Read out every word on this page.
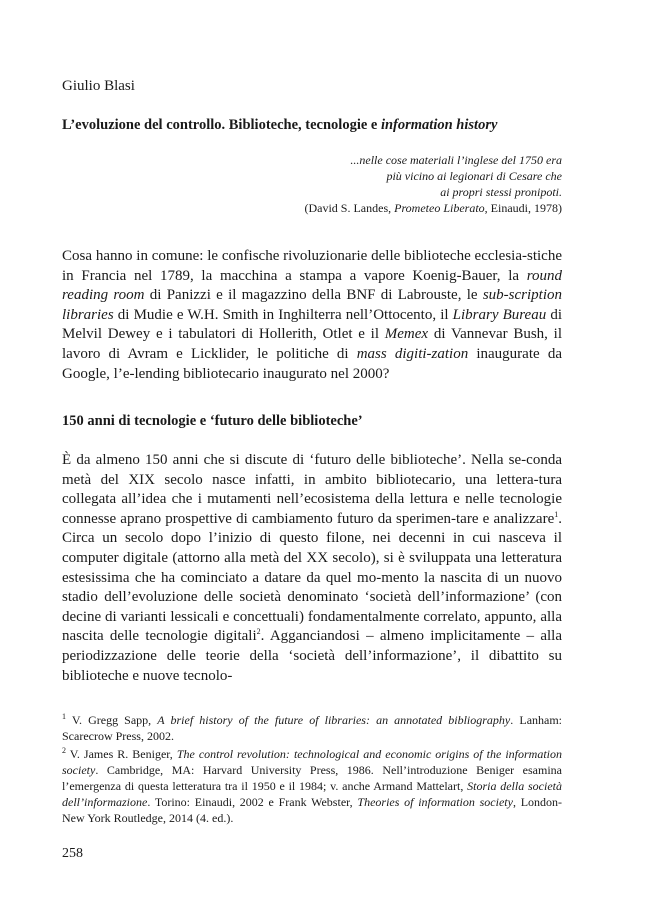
Giulio Blasi
L’evoluzione del controllo. Biblioteche, tecnologie e information history
...nelle cose materiali l’inglese del 1750 era
più vicino ai legionari di Cesare che
ai propri stessi pronipoti.
(David S. Landes, Prometeo Liberato, Einaudi, 1978)

Cosa hanno in comune: le confische rivoluzionarie delle biblioteche ecclesia-stiche in Francia nel 1789, la macchina a stampa a vapore Koenig-Bauer, la round reading room di Panizzi e il magazzino della BNF di Labrouste, le sub-scription libraries di Mudie e W.H. Smith in Inghilterra nell’Ottocento, il Library Bureau di Melvil Dewey e i tabulatori di Hollerith, Otlet e il Memex di Vannevar Bush, il lavoro di Avram e Licklider, le politiche di mass digiti-zation inaugurate da Google, l’e-lending bibliotecario inaugurato nel 2000?

150 anni di tecnologie e ‘futuro delle biblioteche’

È da almeno 150 anni che si discute di ‘futuro delle biblioteche’. Nella se-conda metà del XIX secolo nasce infatti, in ambito bibliotecario, una lettera-tura collegata all’idea che i mutamenti nell’ecosistema della lettura e nelle tecnologie connesse aprano prospettive di cambiamento futuro da sperimen-tare e analizzare$^1$. Circa un secolo dopo l’inizio di questo filone, nei decenni in cui nasceva il computer digitale (attorno alla metà del XX secolo), si è sviluppata una letteratura estesissima che ha cominciato a datare da quel mo-mento la nascita di un nuovo stadio dell’evoluzione delle società denominato ‘società dell’informazione’ (con decine di varianti lessicali e concettuali) fondamentalmente correlato, appunto, alla nascita delle tecnologie digitali$^2$. Agganciandosi – almeno implicitamente – alla periodizzazione delle teorie della ‘società dell’informazione’, il dibattito su biblioteche e nuove tecnolo-

$^1$ V. Gregg Sapp, A brief history of the future of libraries: an annotated bibliography. Lanham: Scarecrow Press, 2002.

$^2$ V. James R. Beniger, The control revolution: technological and economic origins of the information society. Cambridge, MA: Harvard University Press, 1986. Nell’introduzione Beniger esamina l’emergenza di questa letteratura tra il 1950 e il 1984; v. anche Armand Mattelart, Storia della società dell’informazione. Torino: Einaudi, 2002 e Frank Webster, Theories of information society, London-New York Routledge, 2014 (4. ed.).

258
